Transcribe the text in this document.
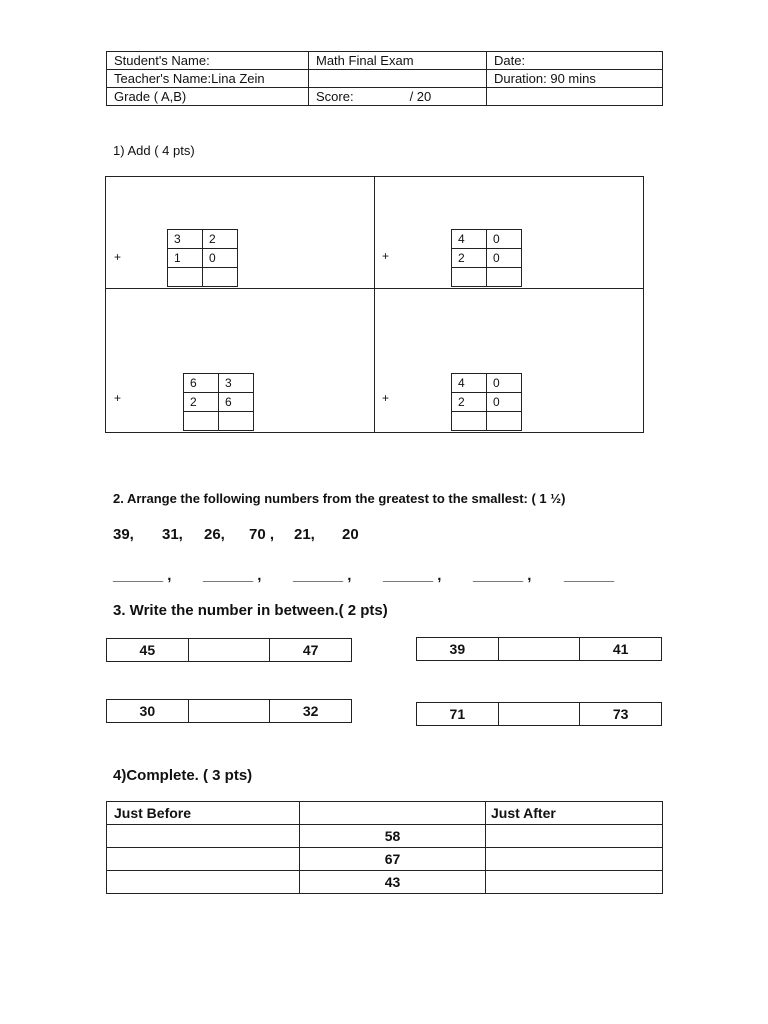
Student's Name:	Math Final Exam	Date:
Teacher's Name:Lina Zein		Duration: 90 mins
Grade ( A,B)	Score: / 20	
1) Add ( 4 pts)
+
3	2
1	0
		+
4	0
2	0

+
6	3
2	6
		+
4	0
2	0

2. Arrange the following numbers from the greatest to the smallest: ( 1 ½)
39, 31, 26, 70 , 21, 20
______ , ______ , ______ , ______ , ______ , ______
3. Write the number in between.( 2 pts)
45		47	39		41
30		32	71		73
4)Complete. ( 3 pts)
Just Before		Just After
	58	
	67	
	43	
